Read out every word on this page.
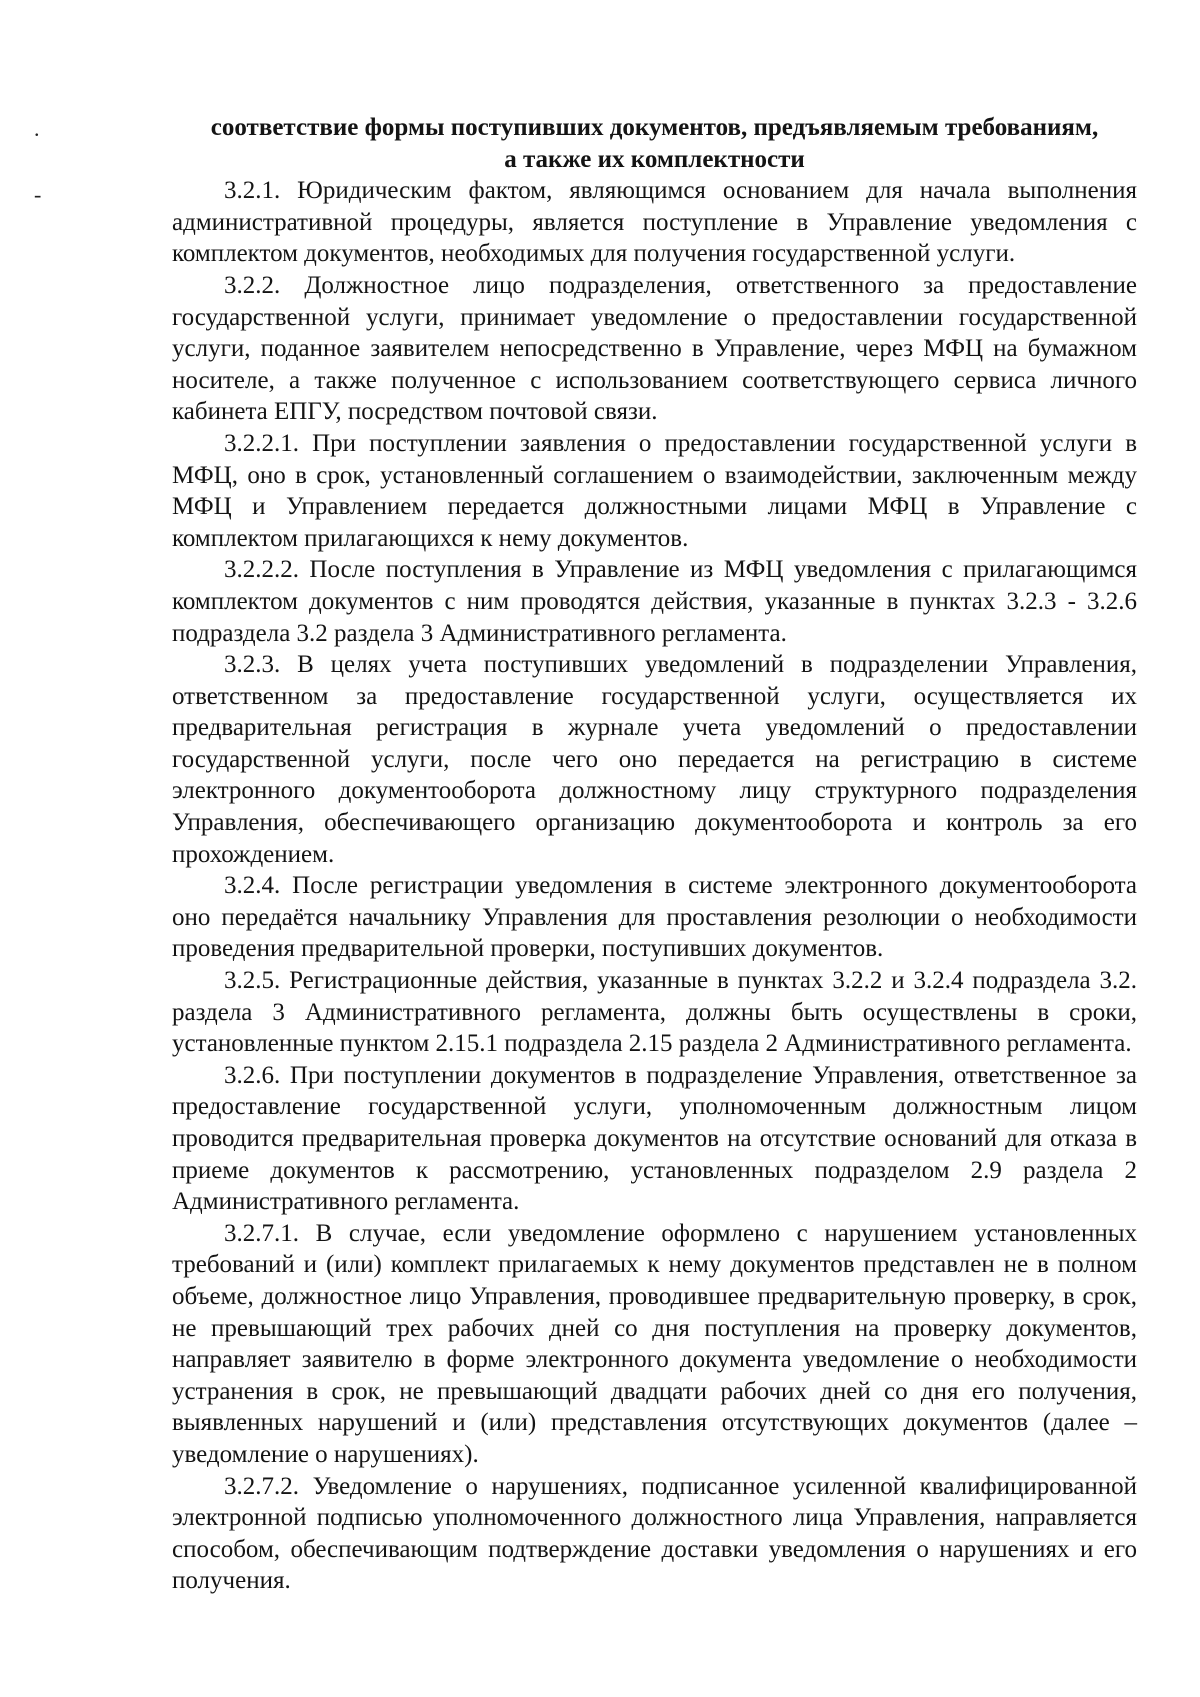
.
-

соответствие формы поступивших документов, предъявляемым требованиям,
а также их комплектности

3.2.1. Юридическим фактом, являющимся основанием для начала выполнения административной процедуры, является поступление в Управление уведомления с комплектом документов, необходимых для получения государственной услуги.

3.2.2. Должностное лицо подразделения, ответственного за предоставление государственной услуги, принимает уведомление о предоставлении государственной услуги, поданное заявителем непосредственно в Управление, через МФЦ на бумажном носителе, а также полученное с использованием соответствующего сервиса личного кабинета ЕПГУ, посредством почтовой связи.

3.2.2.1. При поступлении заявления о предоставлении государственной услуги в МФЦ, оно в срок, установленный соглашением о взаимодействии, заключенным между МФЦ и Управлением передается должностными лицами МФЦ в Управление с комплектом прилагающихся к нему документов.

3.2.2.2. После поступления в Управление из МФЦ уведомления с прилагающимся комплектом документов с ним проводятся действия, указанные в пунктах 3.2.3 - 3.2.6 подраздела 3.2 раздела 3 Административного регламента.

3.2.3. В целях учета поступивших уведомлений в подразделении Управления, ответственном за предоставление государственной услуги, осуществляется их предварительная регистрация в журнале учета уведомлений о предоставлении государственной услуги, после чего оно передается на регистрацию в системе электронного документооборота должностному лицу структурного подразделения Управления, обеспечивающего организацию документооборота и контроль за его прохождением.

3.2.4. После регистрации уведомления в системе электронного документооборота оно передаётся начальнику Управления для проставления резолюции о необходимости проведения предварительной проверки, поступивших документов.

3.2.5. Регистрационные действия, указанные в пунктах 3.2.2 и 3.2.4 подраздела 3.2. раздела 3 Административного регламента, должны быть осуществлены в сроки, установленные пунктом 2.15.1 подраздела 2.15 раздела 2 Административного регламента.

3.2.6. При поступлении документов в подразделение Управления, ответственное за предоставление государственной услуги, уполномоченным должностным лицом проводится предварительная проверка документов на отсутствие оснований для отказа в приеме документов к рассмотрению, установленных подразделом 2.9 раздела 2 Административного регламента.

3.2.7.1. В случае, если уведомление оформлено с нарушением установленных требований и (или) комплект прилагаемых к нему документов представлен не в полном объеме, должностное лицо Управления, проводившее предварительную проверку, в срок, не превышающий трех рабочих дней со дня поступления на проверку документов, направляет заявителю в форме электронного документа уведомление о необходимости устранения в срок, не превышающий двадцати рабочих дней со дня его получения, выявленных нарушений и (или) представления отсутствующих документов (далее – уведомление о нарушениях).

3.2.7.2. Уведомление о нарушениях, подписанное усиленной квалифицированной электронной подписью уполномоченного должностного лица Управления, направляется способом, обеспечивающим подтверждение доставки уведомления о нарушениях и его получения.
